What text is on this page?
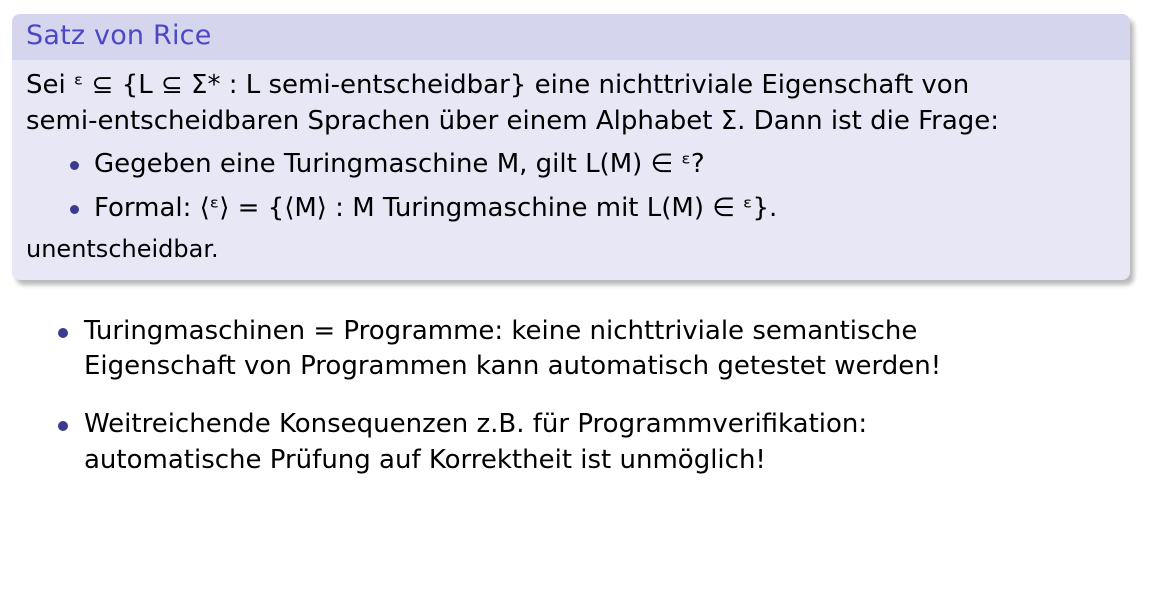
Satz von Rice

Sei ᵋ ⊆ {L ⊆ Σ* : L semi-entscheidbar} eine nichttriviale Eigenschaft von

semi-entscheidbaren Sprachen über einem Alphabet Σ. Dann ist die Frage:

Gegeben eine Turingmaschine M, gilt L(M) ∈ ᵋ?
Formal: ⟨ᵋ⟩ = {⟨M⟩ : M Turingmaschine mit L(M) ∈ ᵋ}.

unentscheidbar.

Turingmaschinen = Programme: keine nichttriviale semantische
Eigenschaft von Programmen kann automatisch getestet werden!
Weitreichende Konsequenzen z.B. für Programmverifikation:
automatische Prüfung auf Korrektheit ist unmöglich!
